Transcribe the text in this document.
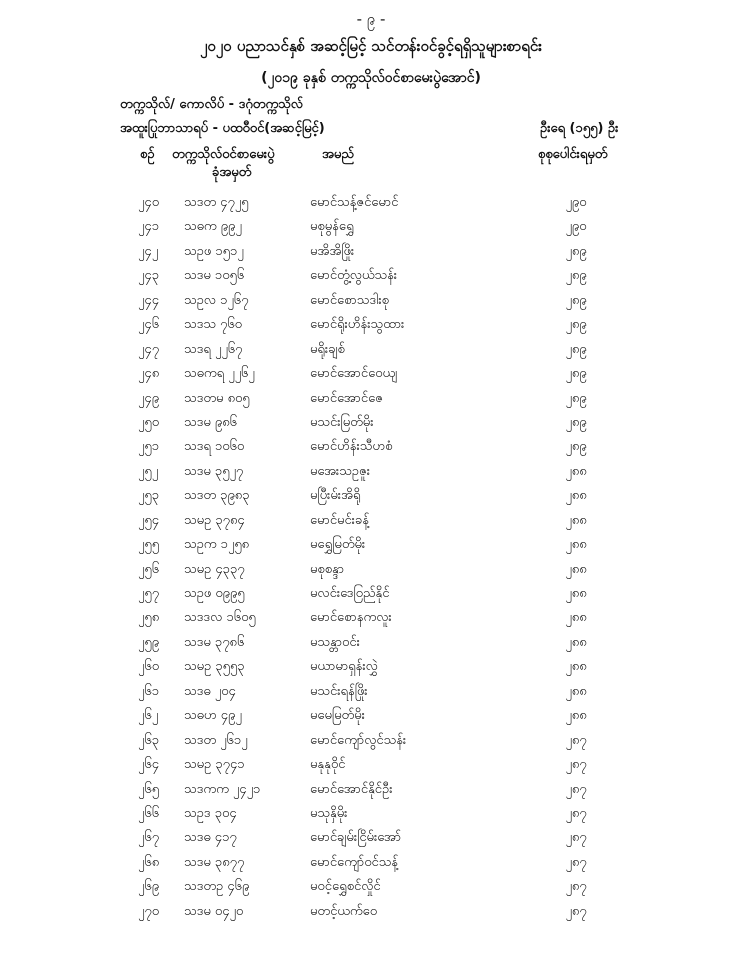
- ၉ -
၂၀၂၀ ပညာသင်နှစ် အဆင့်မြင့် သင်တန်းဝင်ခွင့်ရရှိသူများစာရင်း
(၂၀၁၉ ခုနှစ် တက္ကသိုလ်ဝင်စာမေးပွဲအောင်)
တက္ကသိုလ်/ ကောလိပ် - ဒဂုံတက္ကသိုလ်
အထူးပြုဘာသာရပ် - ပထဝီဝင်(အဆင့်မြင့်)	ဦးရေ (၁၅၅) ဦး
စဉ် တက္ကသိုလ်ဝင်စာမေးပွဲ
ခုံအမှတ်
အမည်	စုစုပေါင်းရမှတ်
၂၄၀ သဒတ ၄၇၂၅	မောင်သန့်ဇင်မောင်	၂၉၀
၂၄၁ သဓက ၉၉၂	မစုမွန်ရွှေ	၂၉၀
၂၄၂ သဥဖ ၁၅၁၂	မအိအိဖြိုး	၂၈၉
၂၄၃ သဒမ ၁၀၅၆	မောင်တွံ့လွယ်သန်း	၂၈၉
၂၄၄ သဥလ ၁၂၆၇	မောင်စောသဒါးစု	၂၈၉
၂၄၆ သဒသ ၇၆၀	မောင်ရိုးဟိန်းသွထား	၂၈၉
၂၄၇ သဒရ ၂၂၆၇	မရိုးချစ်	၂၈၉
၂၄၈ သဓကရ ၂၂၆၂	မောင်အောင်ဝေယျ	၂၈၉
၂၄၉ သဒတမ ၈၀၅	မောင်အောင်ဇေ	၂၈၉
၂၅၀ သဒမ ၉၈၆	မသင်းမြတ်မိုး	၂၈၉
၂၅၁ သဒရ ၁၀၆၀	မောင်ဟိန်းသီဟစံ	၂၈၉
၂၅၂ သဒမ ၃၅၂၇	မအေးသဥဇူး	၂၈၈
၂၅၃ သဒတ ၃၉၈၃	မပြီးမ်းအိရို	၂၈၈
၂၅၄ သမဥ ၃၇၈၄	မောင်မင်းခန့်	၂၈၈
၂၅၅ သဥက ၁၂၅၈	မရွှေမြတ်မိုး	၂၈၈
၂၅၆ သမဥ ၄၃၃၇	မစုစန္ဒာ	၂၈၈
၂၅၇ သဥဖ ၀၉၉၅	မလင်းဒေဝြည်နိုင်	၂၈၈
၂၅၈ သဒဒလ ၁၆၀၅	မောင်စောနကလူး	၂၈၈
၂၅၉ သဒမ ၃၇၈၆	မသန္တာဝင်း	၂၈၈
၂၆၀ သမဥ ၃၅၅၃	မယာမာရှန်းလွှဲ	၂၈၈
၂၆၁ သဒဓ ၂၀၄	မသင်းရန်ဖြိုး	၂၈၈
၂၆၂ သဓဟ ၄၉၂	မမေမြတ်မိုး	၂၈၈
၂၆၃ သဒတ ၂၆၁၂	မောင်ကျော်လွင်သန်း	၂၈၇
၂၆၄ သမဥ ၃၇၄၁	မနုနုဝိုင်	၂၈၇
၂၆၅ သဒကက ၂၄၂၁	မောင်အောင်နိုင်ဦး	၂၈၇
၂၆၆ သဥဒ ၃၀၄	မသုနှိမိုး	၂၈၇
၂၆၇ သဒဓ ၄၁၇	မောင်ချမ်းငြိမ်းအော်	၂၈၇
၂၆၈ သဒမ ၃၈၇၇	မောင်ကျော်ဝင်သန့်	၂၈၇
၂၆၉ သဒတဥ ၄၆၉	မဝင့်ရွှေစင်လှိုင်	၂၈၇
၂၇၀ သဒမ ၀၄၂၀	မတင့်ယက်ဝေ	၂၈၇
